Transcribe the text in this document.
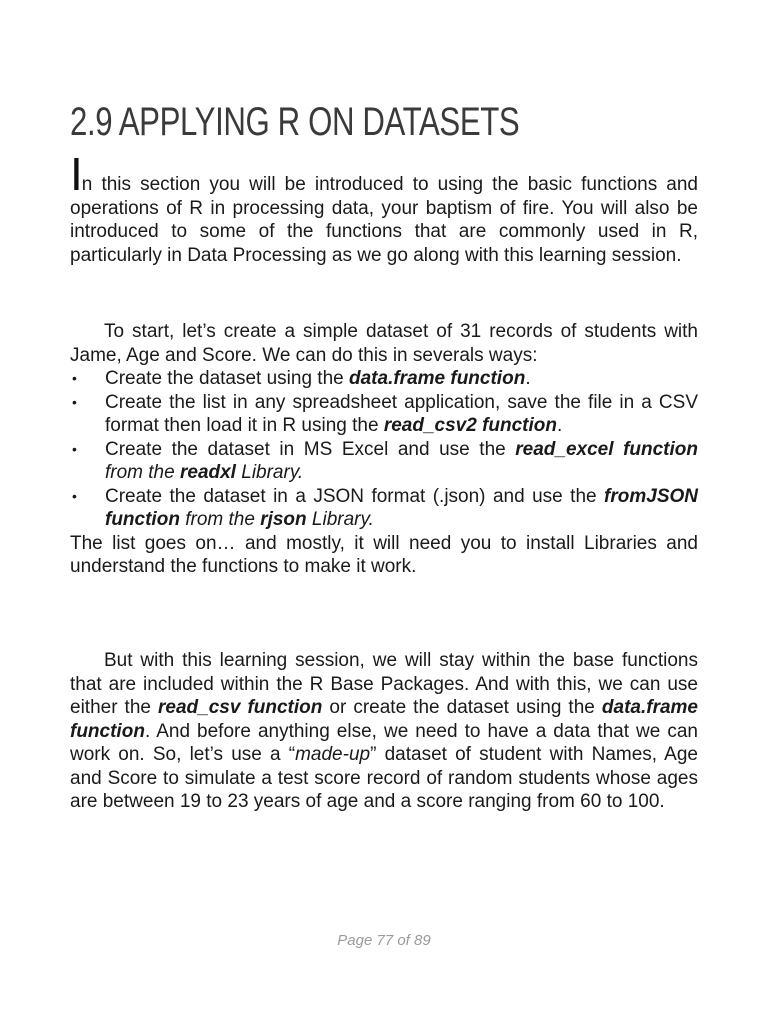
2.9 APPLYING R ON DATASETS

In this section you will be introduced to using the basic functions and operations of R in processing data, your baptism of fire. You will also be introduced to some of the functions that are commonly used in R, particularly in Data Processing as we go along with this learning session.

To start, let’s create a simple dataset of 31 records of students with Jame, Age and Score. We can do this in severals ways:

• Create the dataset using the data.frame function.
• Create the list in any spreadsheet application, save the file in a CSV format then load it in R using the read_csv2 function.
• Create the dataset in MS Excel and use the read_excel function from the readxl Library.
• Create the dataset in a JSON format (.json) and use the fromJSON function from the rjson Library.

The list goes on… and mostly, it will need you to install Libraries and understand the functions to make it work.

But with this learning session, we will stay within the base functions that are included within the R Base Packages. And with this, we can use either the read_csv function or create the dataset using the data.frame function. And before anything else, we need to have a data that we can work on. So, let’s use a “made-up” dataset of student with Names, Age and Score to simulate a test score record of random students whose ages are between 19 to 23 years of age and a score ranging from 60 to 100.

Page 77 of 89
